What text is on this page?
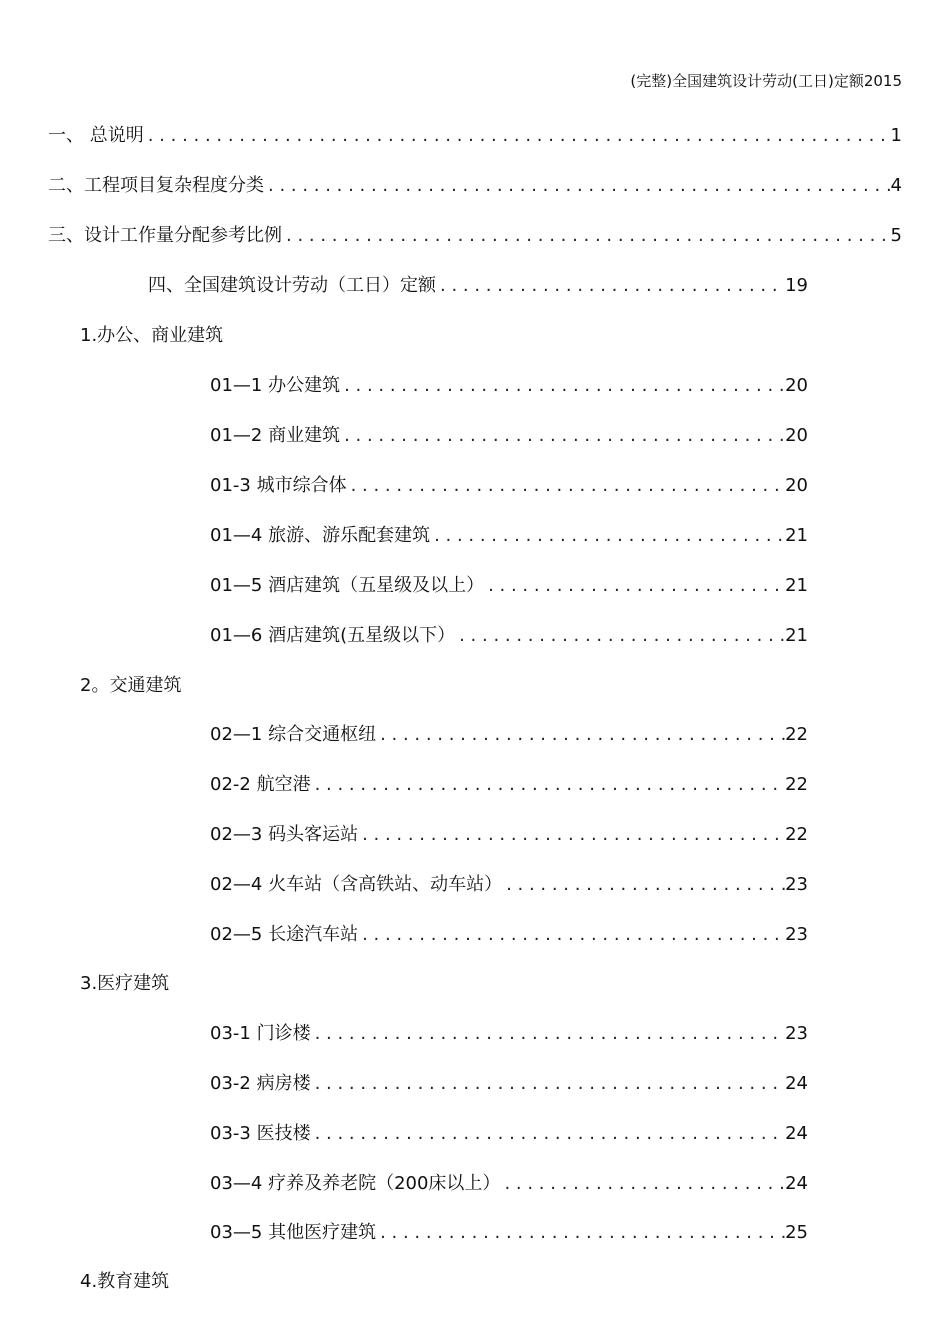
(完整)全国建筑设计劳动(工日)定额2015
一、 总说明 . . .	1
二、工程项目复杂程度分类 . . .	4
三、设计工作量分配参考比例 . . .	5
四、全国建筑设计劳动（工日）定额 . . .	19
1.办公、商业建筑
01—1 办公建筑 . . .	20
01—2 商业建筑 . . .	20
01-3 城市综合体 . . .	20
01—4 旅游、游乐配套建筑 . . .	21
01—5 酒店建筑（五星级及以上） . . .	21
01—6 酒店建筑(五星级以下） . . .	21
2。交通建筑
02—1 综合交通枢纽 . . .	22
02-2 航空港 . . .	22
02—3 码头客运站 . . .	22
02—4 火车站（含高铁站、动车站） . . .	23
02—5 长途汽车站 . . .	23
3.医疗建筑
03-1 门诊楼 . . .	23
03-2 病房楼 . . .	24
03-3 医技楼 . . .	24
03—4 疗养及养老院（200床以上） . . .	24
03—5 其他医疗建筑 . . .	25
4.教育建筑
